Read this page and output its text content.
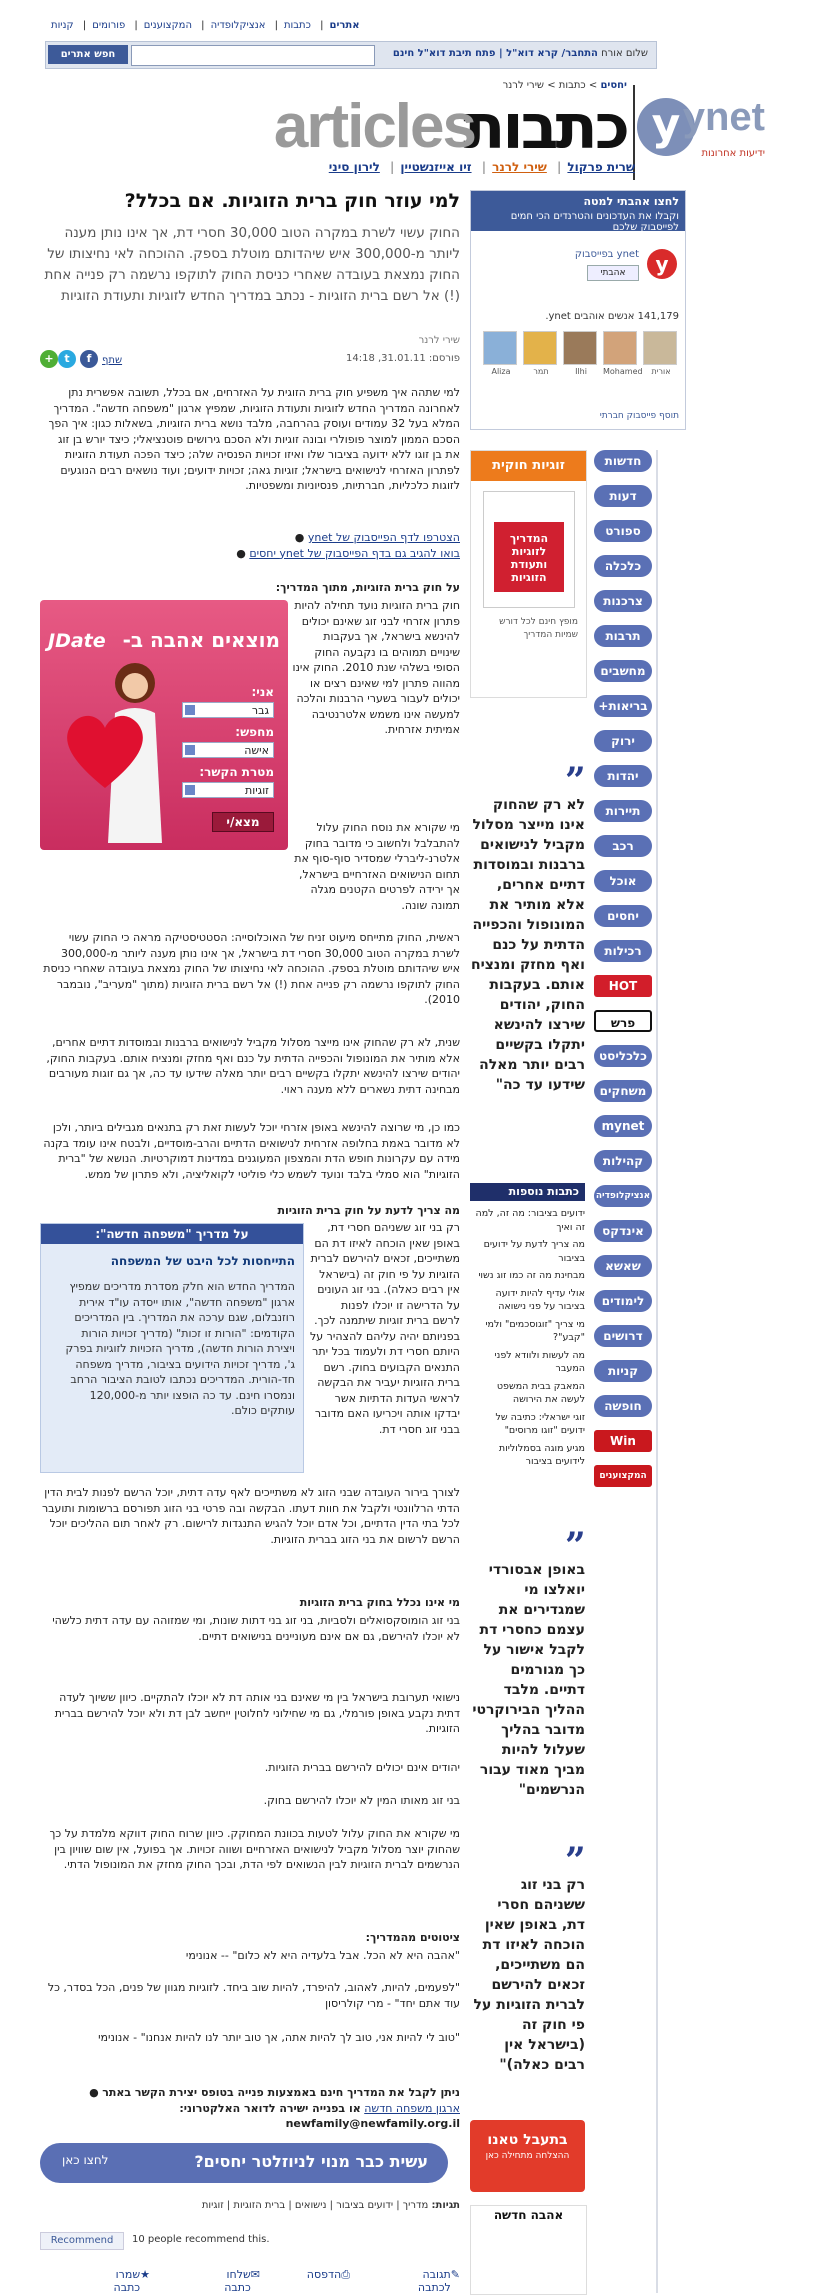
אתרים| כתבות| אנציקלופדיה| המקצוענים| פורומים| קניות
חפש אתרים	שלום אורח התחבר/ קרא דוא"ל | פתח תיבת דוא"ל חינם
יחסים > כתבות > שירי לרנר
כתבות
articles	y ynet
ידיעות אחרונות
שרית פרקול| שירי לרנר| זיו אייזנשטיין| לירון סיני
למי עוזר חוק ברית הזוגיות. אם בכלל?
החוק עשוי לשרת במקרה הטוב 30,000 חסרי דת, אך אינו נותן מענה ליותר מ-300,000 איש שיהדותם מוטלת בספק. ההוכחה לאי נחיצותו של החוק נמצאת בעובדה שאחרי כניסת החוק לתוקפו נרשמה רק פנייה אחת (!) אל רשם ברית הזוגיות - נכתב במדריך החדש לזוגיות ותעודת הזוגיות
שירי לרנר
פורסם: 31.01.11, 14:18
שתף
f
t
+
למי שתהה איך משפיע חוק ברית הזוגית על האזרחים, אם בכלל, תשובה אפשרית נתן לאחרונה המדריך החדש לזוגיות ותעודת הזוגיות, שמפיץ ארגון "משפחה חדשה". המדריך המלא בעל 32 עמודים ועוסק בהרחבה, מלבד נושא ברית הזוגיות, בשאלות כגון: איך הפך הסכם הממון למוצר פופולרי ובונה זוגיות ולא הסכם גירושים פוטנציאלי; כיצד יורש בן זוג את בן זוגו ללא ידועה בציבור שלו ואיזו זכויות הפנסיה שלה; כיצד הפכה תעודת הזוגיות לפתרון האזרחי לנישואים בישראל; זוגיות גאה; זכויות ידועים; ועוד נושאים רבים הנוגעים לזוגות כלכליות, חברתיות, פנסיוניות ומשפטיות.
הצטרפו לדף הפייסבוק של ynet ●
בואו להגיב גם בדף הפייסבוק של ynet יחסים ●
על חוק ברית הזוגיות, מתוך המדריך:
חוק ברית הזוגיות נועד תחילה להיות פתרון אזרחי לבני זוג שאינם יכולים להינשא בישראל, אך בעקבות שינויים תמוהים בו נקבעה החוק הסופי בשלהי שנת 2010. החוק אינו מהווה פתרון למי שאינם רצים או יכולים לעבור בשערי הרבנות והלכה למעשה אינו משמש אלטרנטיבה אמיתית אזרחית.
מי שקורא את נוסח החוק עלול להתבלבל ולחשוב כי מדובר בחוק אלטרנ-ליברלי שמסדיר סוף-סוף את תחום הנישואים האזרחיים בישראל, אך ירידה לפרטים הקטנים מגלה תמונה שונה.
ראשית, החוק מתייחס מיעוט זניח של האוכלוסייה: הסטטיסטיקה מראה כי החוק עשוי לשרת במקרה הטוב 30,000 חסרי דת בישראל, אך אינו נותן מענה ליותר מ-300,000 איש שיהדותם מוטלת בספק. ההוכחה לאי נחיצותו של החוק נמצאת בעובדה שאחרי כניסת החוק לתוקפו נרשמה רק פנייה אחת (!) אל רשם ברית הזוגיות (מתוך "מעריב", נובמבר 2010).
שנית, לא רק שהחוק אינו מייצר מסלול מקביל לנישואים ברבנות ובמוסדות דתיים אחרים, אלא מותיר את המונופול והכפייה הדתית על כנם ואף מחזק ומנציח אותם. בעקבות החוק, יהודים שירצו להינשא יתקלו בקשיים רבים יותר מאלה שידעו עד כה, אך גם זוגות מעורבים מבחינה דתית נשארים ללא מענה ראוי.
כמו כן, מי שרוצה להינשא באופן אזרחי יוכל לעשות זאת רק בתנאים מגבילים ביותר, ולכן לא מדובר באמת בחלופה אזרחית לנישואים הדתיים והרב-מוסדיים, ולבטח אינו עומד בקנה מידה עם עקרונות חופש הדת והמצפון המעוגנים במדינות דמוקרטיות. הנושא של "ברית הזוגיות" הוא סמלי בלבד ונועד לשמש כלי פוליטי לקואליציה, ולא פתרון של ממש.
מה צריך לדעת על חוק ברית הזוגיות
רק בני זוג ששניהם חסרי דת, באופן שאין הוכחה לאיזו דת הם משתייכים, זכאים להירשם לברית הזוגיות על פי חוק זה (בישראל אין רבים כאלה). בני זוג העונים על הדרישה זו יוכלו לפנות לרשם ברית זוגיות שיתמנה לכך. בפניותם יהיה עליהם להצהיר על היותם חסרי דת ולעמוד בכל יתר התנאים הקבועים בחוק. רשם ברית הזוגיות יעביר את הבקשה לראשי העדות הדתיות אשר יבדקו אותה ויכריעו האם מדובר בבני זוג חסרי דת.
לצורך בירור העובדה שבני הזוג לא משתייכים לאף עדה דתית, יוכל הרשם לפנות לבית הדין הדתי הרלוונטי ולקבל את חוות דעתו. הבקשה ובה פרטי בני הזוג תפורסם ברשומות ותועבר לכל בתי הדין הדתיים, וכל אדם יוכל להגיש התנגדות לרישום. רק לאחר תום ההליכים יוכל הרשם לרשום את בני הזוג בברית הזוגיות.
מי אינו נכלל בחוק ברית הזוגיות
בני זוג הומוסקסואלים ולסביות, בני זוג בני דתות שונות, ומי שמזוהה עם עדה דתית כלשהי לא יוכלו להירשם, גם אם אינם מעוניינים בנישואים דתיים.
נישואי תערובת בישראל בין מי שאינם בני אותה דת לא יוכלו להתקיים. כיוון ששיוך לעדה דתית נקבע באופן פורמלי, גם מי שחילוני לחלוטין ייחשב לבן דת ולא יוכל להירשם בברית הזוגיות.
יהודים אינם יכולים להירשם בברית הזוגיות.
בני זוג מאותו המין לא יוכלו להירשם בחוק.
מי שקורא את החוק עלול לטעות בכוונת המחוקק. כיוון שרוח החוק דווקא מלמדת על כך שהחוק יוצר מסלול מקביל לנישואים האזרחיים ושווה זכויות. אך בפועל, אין שום שוויון בין הנרשמים לברית הזוגיות לבין הנשואים לפי הדת, ובכך החוק מחזק את המונופול הדתי.
ציטוטים מהמדריך:
"אהבה היא לא הכל. אבל בלעדיה היא לא כלום" -- אנונימי
"לפעמים, להיות, לאהוב, להיפרד, להיות שוב ביחד. לזוגיות מגוון של פנים, הכל בסדר, כל עוד אתם יחד" - מרי קולריסון
"טוב לי להיות אני, טוב לך להיות אתה, אך טוב יותר לנו להיות אנחנו" - אנונימי
ניתן לקבל את המדריך חינם באמצעות פנייה בטופס יצירת הקשר באתר ●
ארגון משפחה חדשה או בפנייה ישירה לדואר האלקטרוני:
newfamily@newfamily.org.il
מוצאים אהבה ב-
JDate
אני:
גבר
מחפש:
אישה
מטרת הקשר:
זוגיות
מצא/י
על מדריך "משפחה חדשה":
התייחסות לכל היבט של המשפחה
המדריך החדש הוא חלק מסדרת מדריכים שמפיץ ארגון "משפחה חדשה", אותו ייסדה עו"ד אירית רוזנבלום, שגם ערכה את המדריך. בין המדריכים הקודמים: "הורות זו זכות" (מדריך זכויות הורות ויצירת הורות חדשה), מדריך הזכויות לזוגיות בפרק ג', מדריך זכויות הידועים בציבור, מדריך משפחה חד-הורית. המדריכים נכתבו לטובת הציבור הרחב ונמסרו חינם. עד כה הופצו יותר מ-120,000 עותקים כולם.
עשית כבר מנוי לניוזלטר יחסים?
לחצו כאן
תגיות: מדריך | ידועים בציבור | נישואים | ברית הזוגיות | זוגיות
Recommend	10 people recommend this.
✎
תגובה לכתבה
⎙
הדפסה
✉
שלחו כתבה
★
שמרו כתבה
לחצו אהבתי למטה
וקבלו את העדכונים והטרנדים הכי חמים לפייסבוק שלכם
y
ynet בפייסבוק
אהבתי
141,179 אנשים אוהבים ynet.
אורית
Mohamed
Ilhi
תמר
Aliza
תוסף פייסבוק חברתי
זוגיות חוקית
המדריך לזוגיות ותעודת הזוגיות
מופץ חינם לכל דורש שמיות המדריך
”
לא רק שהחוק אינו מייצר מסלול מקביל לנישואים ברבנות ובמוסדות דתיים אחרים, אלא מותיר את המונופול והכפייה הדתית על כנם ואף מחזק ומנציח אותם. בעקבות החוק, יהודים שירצו להינשא יתקלו בקשיים רבים יותר מאלה שידעו עד כה"
”
באופן אבסורדי יואלצו מי שמגדירים את עצמם כחסרי דת לקבל אישור על כך מגורמים דתיים. מלבד ההליך הבירוקרטי מדובר בהליך שעלול להיות מביך מאוד עבור הנרשמים"
”
רק בני זוג ששניהם חסרי דת, באופן שאין הוכחה לאיזו דת הם משתייכים, זכאים להירשם לברית הזוגיות על פי חוק זה (בישראל אין רבים כאלה)"
כתבות נוספות
ידועים בציבור: מה זה, למה זה ואיך
מה צריך לדעת על ידועים בציבור
מבחינת מה זה כמו זוג נשוי
אולי עדיף להיות ידועה בציבור על פני נישואה
מי צריך "זוגוסכמים" ולמי "קבע"?
מה לעשות ולוודא לפני המעבר
המאבק בבית המשפט לעשה את הירושה
זוגי ישראלי: כתיבה של ידועים "זוגו מרוסים"
מגיע מוגה בסמלוליות לידועים בציבור
בתעבל טאנו
ההצלחה מתחילה כאן
אהבה חדשה
חדשות
דעות
ספורט
כלכלה
צרכנות
תרבות
מחשבים
בריאות+
ירוק
יהדות
תיירות
רכב
אוכל
יחסים
רכילות
HOT
פרש
כלכליסט
משחקים
mynet
קהילות
אנציקלופדיה
אינדקס
שאשא
לימודים
דרושים
קניות
חופשה
Win
המקצוענים
